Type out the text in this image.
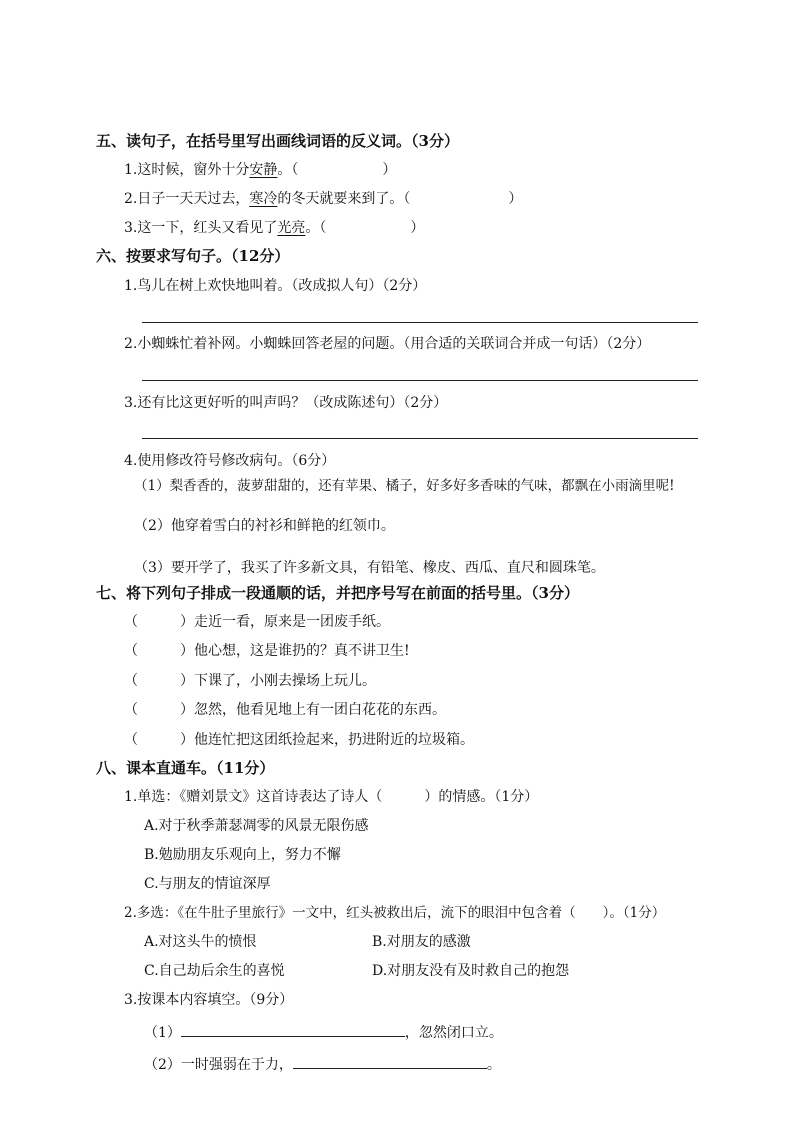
五、读句子，在括号里写出画线词语的反义词。（3分）
1.这时候，窗外十分安静。（　　　　　　）
2.日子一天天过去，寒冷的冬天就要来到了。（　　　　　　　）
3.这一下，红头又看见了光亮。（　　　　　　）
六、按要求写句子。（12分）
1.鸟儿在树上欢快地叫着。（改成拟人句）（2分）
2.小蜘蛛忙着补网。小蜘蛛回答老屋的问题。（用合适的关联词合并成一句话）（2分）
3.还有比这更好听的叫声吗？（改成陈述句）（2分）
4.使用修改符号修改病句。（6分）
（1）梨香香的，菠萝甜甜的，还有苹果、橘子，好多好多香味的气味，都飘在小雨滴里呢!
（2）他穿着雪白的衬衫和鲜艳的红领巾。
（3）要开学了，我买了许多新文具，有铅笔、橡皮、西瓜、直尺和圆珠笔。
七、将下列句子排成一段通顺的话，并把序号写在前面的括号里。（3分）
（　　　）走近一看，原来是一团废手纸。
（　　　）他心想，这是谁扔的？真不讲卫生!
（　　　）下课了，小刚去操场上玩儿。
（　　　）忽然，他看见地上有一团白花花的东西。
（　　　）他连忙把这团纸捡起来，扔进附近的垃圾箱。
八、课本直通车。（11分）
1.单选：《赠刘景文》这首诗表达了诗人（　　　）的情感。（1分）
A.对于秋季萧瑟凋零的风景无限伤感
B.勉励朋友乐观向上，努力不懈
C.与朋友的情谊深厚
2.多选：《在牛肚子里旅行》一文中，红头被救出后，流下的眼泪中包含着（　　）。（1分）
A.对这头牛的愤恨	B.对朋友的感激
C.自己劫后余生的喜悦	D.对朋友没有及时救自己的抱怨
3.按课本内容填空。（9分）
（1）	，忽然闭口立。
（2）一时强弱在于力，	。
